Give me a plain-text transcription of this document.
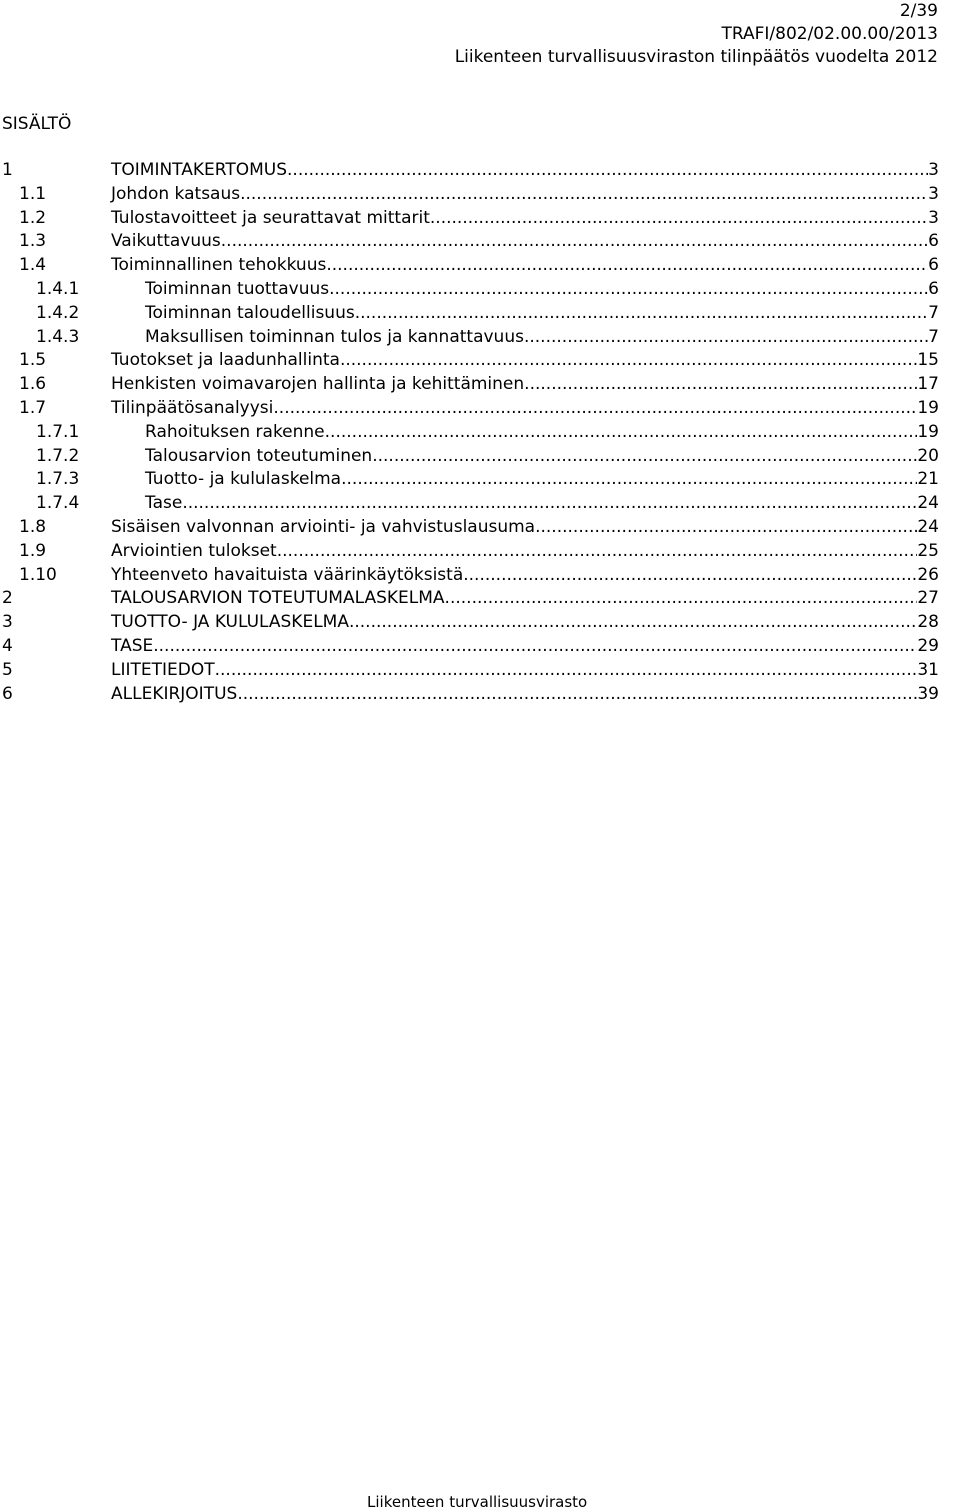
2/39
TRAFI/802/02.00.00/2013
Liikenteen turvallisuusviraston tilinpäätös vuodelta 2012
SISÄLTÖ
1	TOIMINTAKERTOMUS .....	3
1.1	Johdon katsaus .....	3
1.2	Tulostavoitteet ja seurattavat mittarit .....	3
1.3	Vaikuttavuus .....	6
1.4	Toiminnallinen tehokkuus .....	6
1.4.1	Toiminnan tuottavuus .....	6
1.4.2	Toiminnan taloudellisuus .....	7
1.4.3	Maksullisen toiminnan tulos ja kannattavuus .....	7
1.5	Tuotokset ja laadunhallinta .....	15
1.6	Henkisten voimavarojen hallinta ja kehittäminen .....	17
1.7	Tilinpäätösanalyysi .....	19
1.7.1	Rahoituksen rakenne .....	19
1.7.2	Talousarvion toteutuminen .....	20
1.7.3	Tuotto- ja kululaskelma .....	21
1.7.4	Tase .....	24
1.8	Sisäisen valvonnan arviointi- ja vahvistuslausuma .....	24
1.9	Arviointien tulokset .....	25
1.10	Yhteenveto havaituista väärinkäytöksistä .....	26
2	TALOUSARVION TOTEUTUMALASKELMA .....	27
3	TUOTTO- JA KULULASKELMA .....	28
4	TASE .....	29
5	LIITETIEDOT .....	31
6	ALLEKIRJOITUS .....	39
Liikenteen turvallisuusvirasto
